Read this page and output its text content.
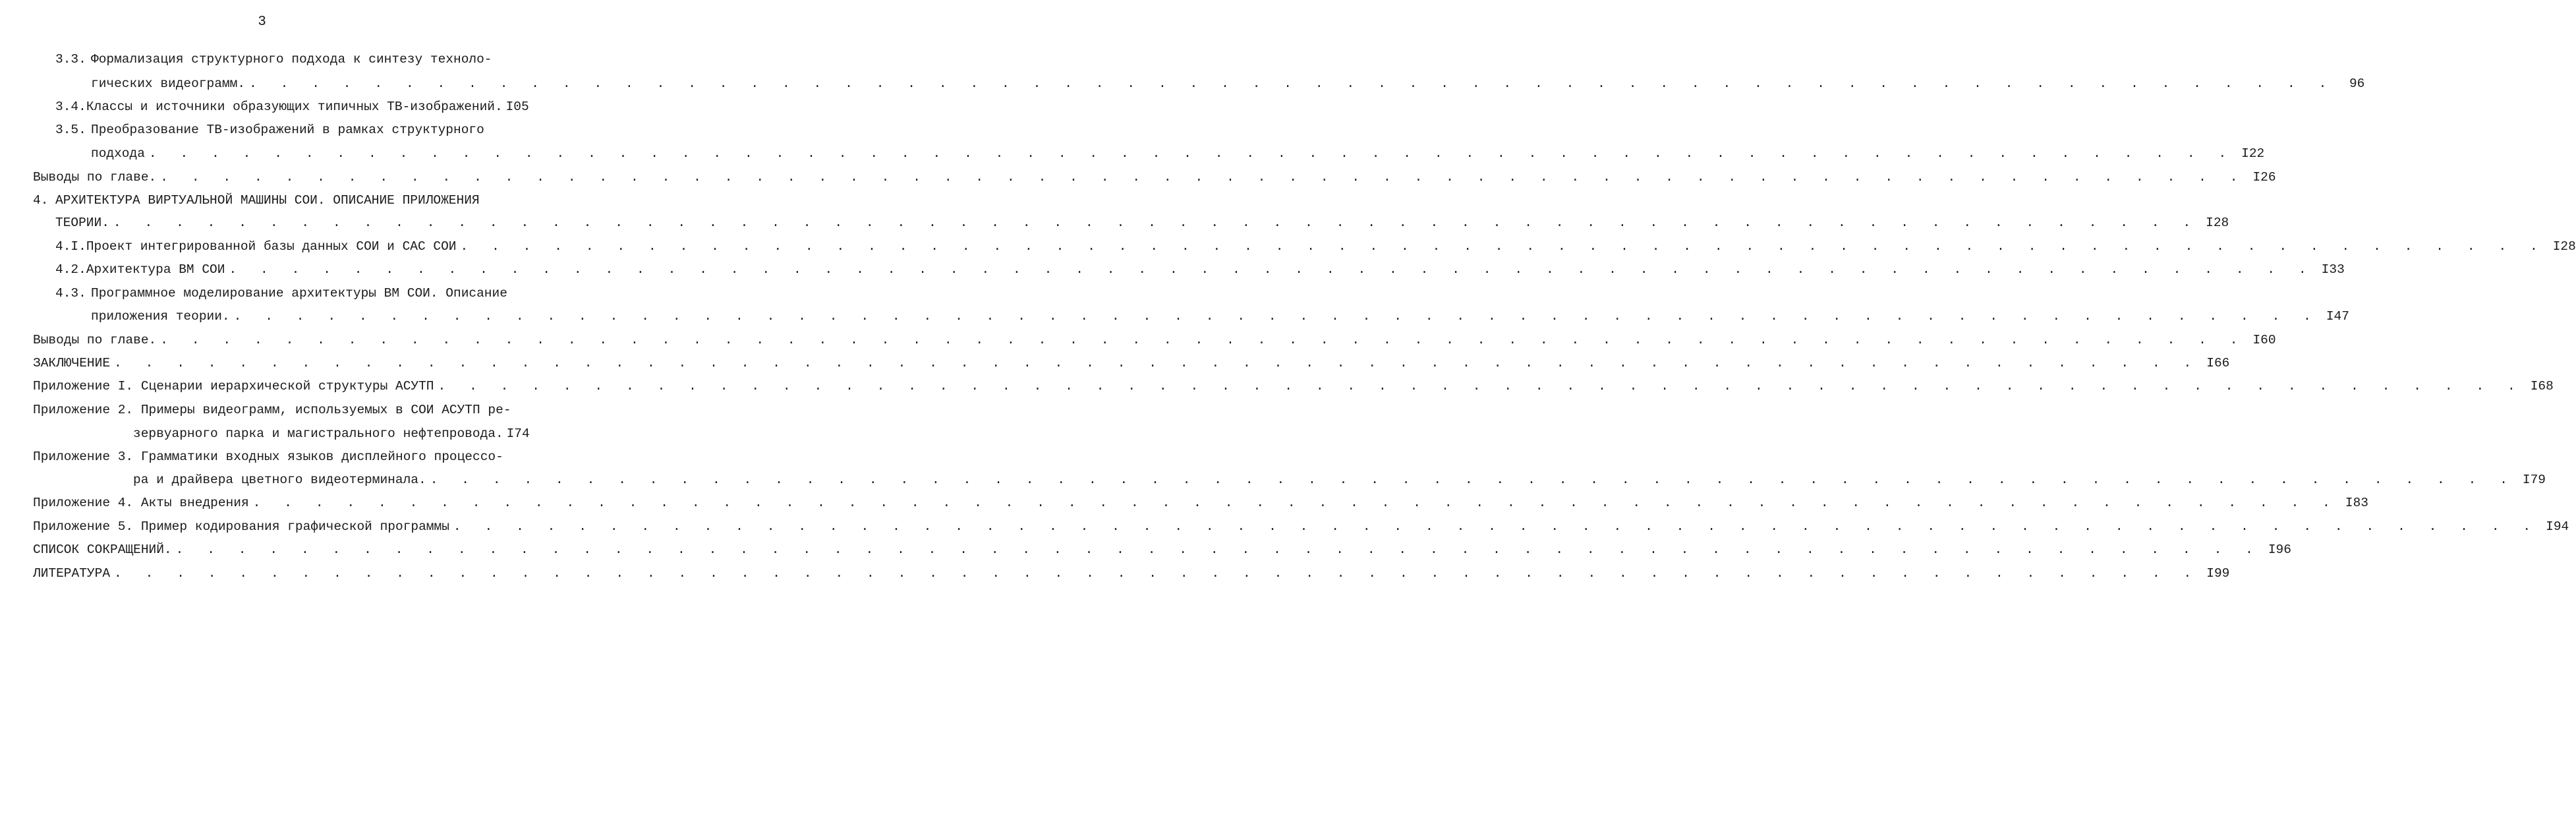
3
3.3. Формализация структурного подхода к синтезу техноло-
гических видеограмм. . . .	96
3.4. Классы и источники образующих типичных ТВ-изображений. I05
3.5. Преобразование ТВ-изображений в рамках структурного
подхода . . .	I22
Выводы по главе. . . .	I26
4. АРХИТЕКТУРА ВИРТУАЛЬНОЙ МАШИНЫ СОИ. ОПИСАНИЕ ПРИЛОЖЕНИЯ
ТЕОРИИ. . . .	I28
4.I. Проект интегрированной базы данных СОИ и САС СОИ . . .	I28
4.2. Архитектура ВМ СОИ . . .	I33
4.3. Программное моделирование архитектуры ВМ СОИ. Описание
приложения теории. . . .	I47
Выводы по главе. . . .	I60
ЗАКЛЮЧЕНИЕ . . .	I66
Приложение I. Сценарии иерархической структуры АСУТП . . .	I68
Приложение 2. Примеры видеограмм, используемых в СОИ АСУТП ре-
зервуарного парка и магистрального нефтепровода. I74
Приложение 3. Грамматики входных языков дисплейного процессо-
ра и драйвера цветного видеотерминала. . . .	I79
Приложение 4. Акты внедрения . . .	I83
Приложение 5. Пример кодирования графической программы . . .	I94
СПИСОК СОКРАЩЕНИЙ. . . .	I96
ЛИТЕРАТУРА . . .	I99
